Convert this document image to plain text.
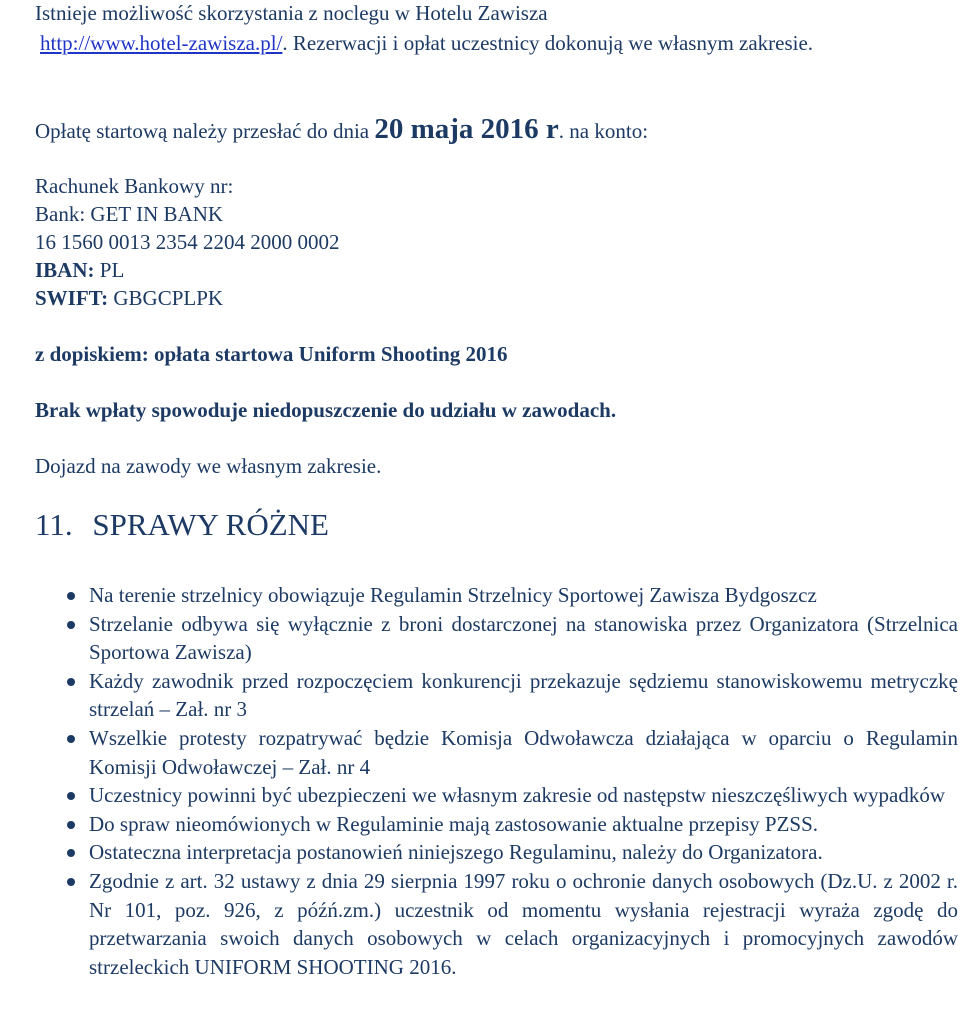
Istnieje możliwość skorzystania z noclegu w Hotelu Zawisza
http://www.hotel-zawisza.pl/. Rezerwacji i opłat uczestnicy dokonują we własnym zakresie.
Opłatę startową należy przesłać do dnia 20 maja 2016 r. na konto:
Rachunek Bankowy nr:
Bank: GET IN BANK
16 1560 0013 2354 2204 2000 0002
IBAN: PL
SWIFT: GBGCPLPK
z dopiskiem: opłata startowa Uniform Shooting 2016
Brak wpłaty spowoduje niedopuszczenie do udziału w zawodach.
Dojazd na zawody we własnym zakresie.
11. SPRAWY RÓŻNE
Na terenie strzelnicy obowiązuje Regulamin Strzelnicy Sportowej Zawisza Bydgoszcz
Strzelanie odbywa się wyłącznie z broni dostarczonej na stanowiska przez Organizatora (Strzelnica Sportowa Zawisza)
Każdy zawodnik przed rozpoczęciem konkurencji przekazuje sędziemu stanowiskowemu metryczkę strzelań – Zał. nr 3
Wszelkie protesty rozpatrywać będzie Komisja Odwoławcza działająca w oparciu o Regulamin Komisji Odwoławczej – Zał. nr 4
Uczestnicy powinni być ubezpieczeni we własnym zakresie od następstw nieszczęśliwych wypadków
Do spraw nieomówionych w Regulaminie mają zastosowanie aktualne przepisy PZSS.
Ostateczna interpretacja postanowień niniejszego Regulaminu, należy do Organizatora.
Zgodnie z art. 32 ustawy z dnia 29 sierpnia 1997 roku o ochronie danych osobowych (Dz.U. z 2002 r. Nr 101, poz. 926, z późń.zm.) uczestnik od momentu wysłania rejestracji wyraża zgodę do przetwarzania swoich danych osobowych w celach organizacyjnych i promocyjnych zawodów strzeleckich UNIFORM SHOOTING 2016.
